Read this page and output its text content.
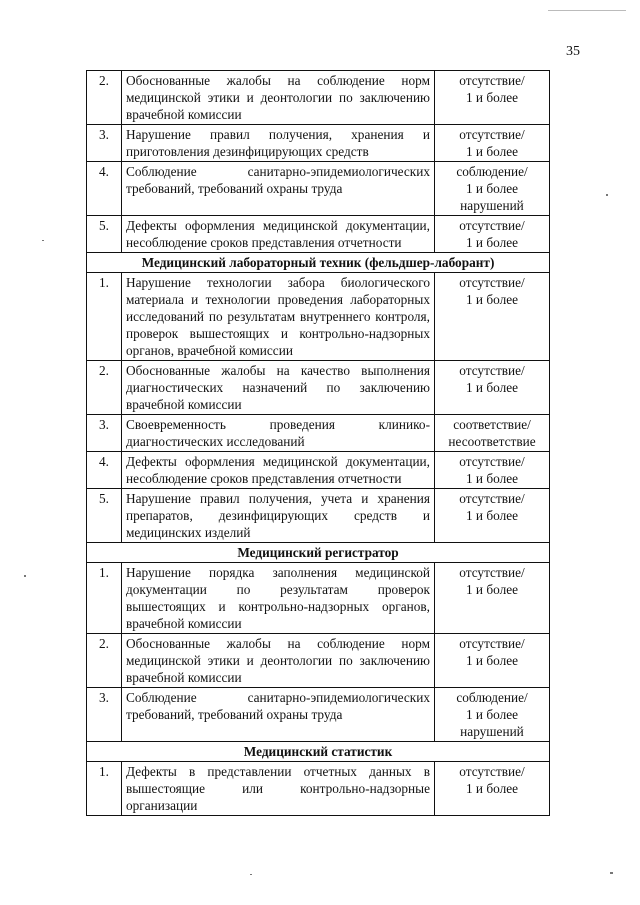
35
2.	Обоснованные жалобы на соблюдение норм медицинской этики и деонтологии по заключению врачебной комиссии	отсутствие/
1 и более

3.	Нарушение правил получения, хранения и приготовления дезинфицирующих средств	отсутствие/
1 и более

4.	Соблюдение санитарно-эпидемиологических требований, требований охраны труда	соблюдение/
1 и более
нарушений

5.	Дефекты оформления медицинской документации, несоблюдение сроков представления отчетности	отсутствие/
1 и более

Медицинский лабораторный техник (фельдшер-лаборант)		
1.	Нарушение технологии забора биологического материала и технологии проведения лабораторных исследований по результатам внутреннего контроля, проверок вышестоящих и контрольно-надзорных органов, врачебной комиссии	отсутствие/
1 и более

2.	Обоснованные жалобы на качество выполнения диагностических назначений по заключению врачебной комиссии	отсутствие/
1 и более

3.	Своевременность проведения клинико-диагностических исследований	соответствие/
несоответствие

4.	Дефекты оформления медицинской документации, несоблюдение сроков представления отчетности	отсутствие/
1 и более

5.	Нарушение правил получения, учета и хранения препаратов, дезинфицирующих средств и медицинских изделий	отсутствие/
1 и более

Медицинский регистратор		
1.	Нарушение порядка заполнения медицинской документации по результатам проверок вышестоящих и контрольно-надзорных органов, врачебной комиссии	отсутствие/
1 и более

2.	Обоснованные жалобы на соблюдение норм медицинской этики и деонтологии по заключению врачебной комиссии	отсутствие/
1 и более

3.	Соблюдение санитарно-эпидемиологических требований, требований охраны труда	соблюдение/
1 и более
нарушений

Медицинский статистик		
1.	Дефекты в представлении отчетных данных в вышестоящие или контрольно-надзорные организации	отсутствие/
1 и более
